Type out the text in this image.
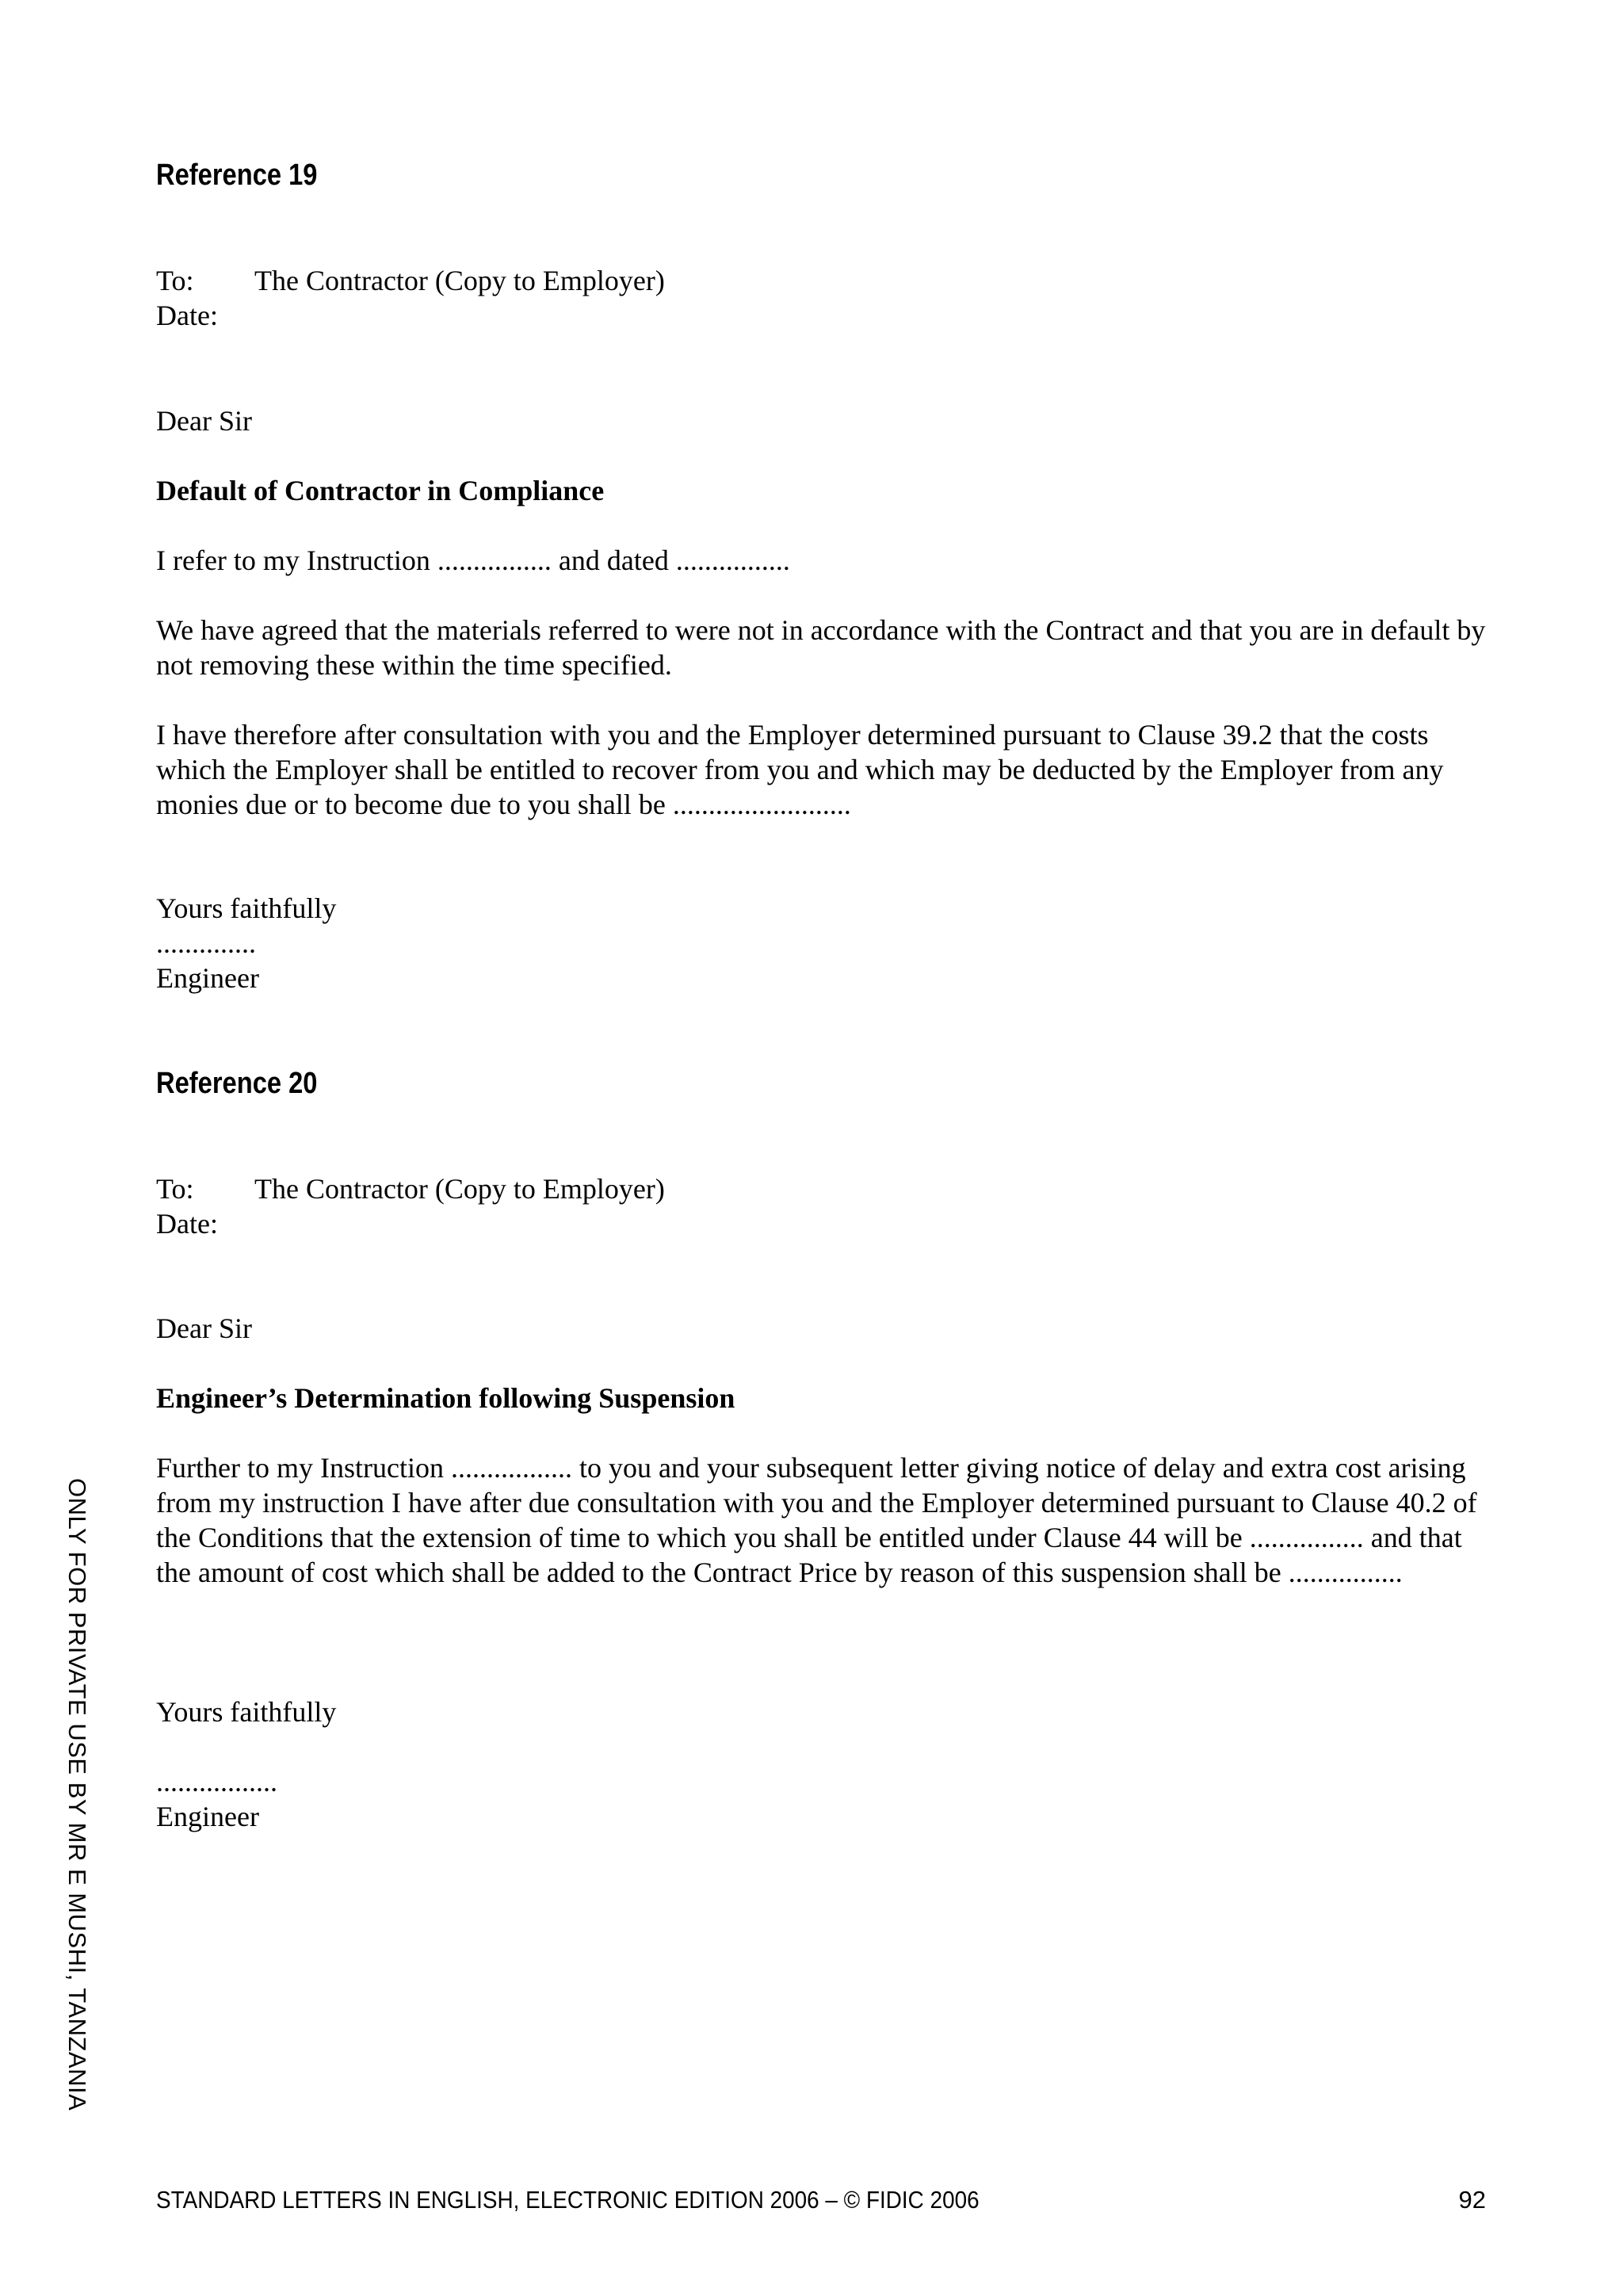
Reference 19
To:	The Contractor (Copy to Employer)
Date:
Dear Sir
Default of Contractor in Compliance
I refer to my Instruction ................ and dated ................
We have agreed that the materials referred to were not in accordance with the Contract and that you are in default by not removing these within the time specified.
I have therefore after consultation with you and the Employer determined pursuant to Clause 39.2 that the costs which the Employer shall be entitled to recover from you and which may be deducted by the Employer from any monies due or to become due to you shall be .........................
Yours faithfully
..............
Engineer
Reference 20
To:	The Contractor (Copy to Employer)
Date:
Dear Sir
Engineer’s Determination following Suspension
Further to my Instruction ................. to you and your subsequent letter giving notice of delay and extra cost arising from my instruction I have after due consultation with you and the Employer determined pursuant to Clause 40.2 of the Conditions that the extension of time to which you shall be entitled under Clause 44 will be ................ and that the amount of cost which shall be added to the Contract Price by reason of this suspension shall be ................
Yours faithfully
.................
Engineer
STANDARD LETTERS IN ENGLISH, ELECTRONIC EDITION 2006 – © FIDIC 2006	92
ONLY FOR PRIVATE USE BY MR E MUSHI, TANZANIA
